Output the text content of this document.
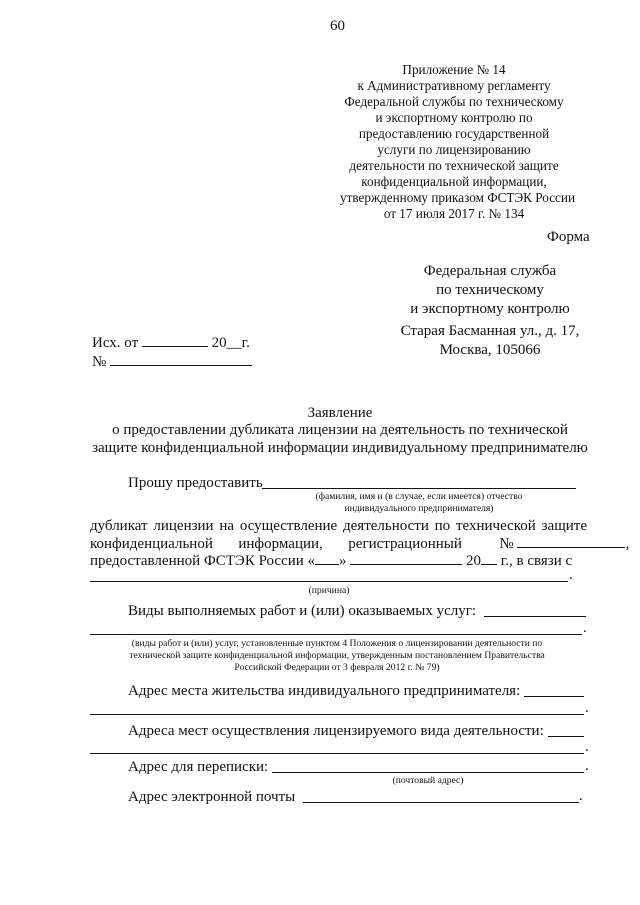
60
Приложение № 14
к Административному регламенту
Федеральной службы по техническому
и экспортному контролю по
предоставлению государственной
услуги по лицензированию
деятельности по технической защите
конфиденциальной информации,
утвержденному приказом ФСТЭК России
от 17 июля 2017 г. № 134
Форма
Федеральная служба
по техническому
и экспортному контролю
Старая Басманная ул., д. 17,
Москва, 105066
Исх. от	20__г.
№
Заявление
о предоставлении дубликата лицензии на деятельность по технической
защите конфиденциальной информации индивидуальному предпринимателю
Прошу предоставить
(фамилия, имя и (в случае, если имеется) отчество
индивидуального предпринимателя)
дубликат лицензии на осуществление деятельности по технической защите
конфиденциальной информации, регистрационный	№	,
предоставленной ФСТЭК России « »	20 г., в связи с
.
(причина)
Виды выполняемых работ и (или) оказываемых услуг:
.
(виды работ и (или) услуг, установленные пунктом 4 Положения о лицензировании деятельности по
технической защите конфиденциальной информации, утвержденным постановлением Правительства
Российской Федерации от 3 февраля 2012 г. № 79)
Адрес места жительства индивидуального предпринимателя:
.
Адреса мест осуществления лицензируемого вида деятельности:
.
Адрес для переписки:	.
(почтовый адрес)
Адрес электронной почты	.
